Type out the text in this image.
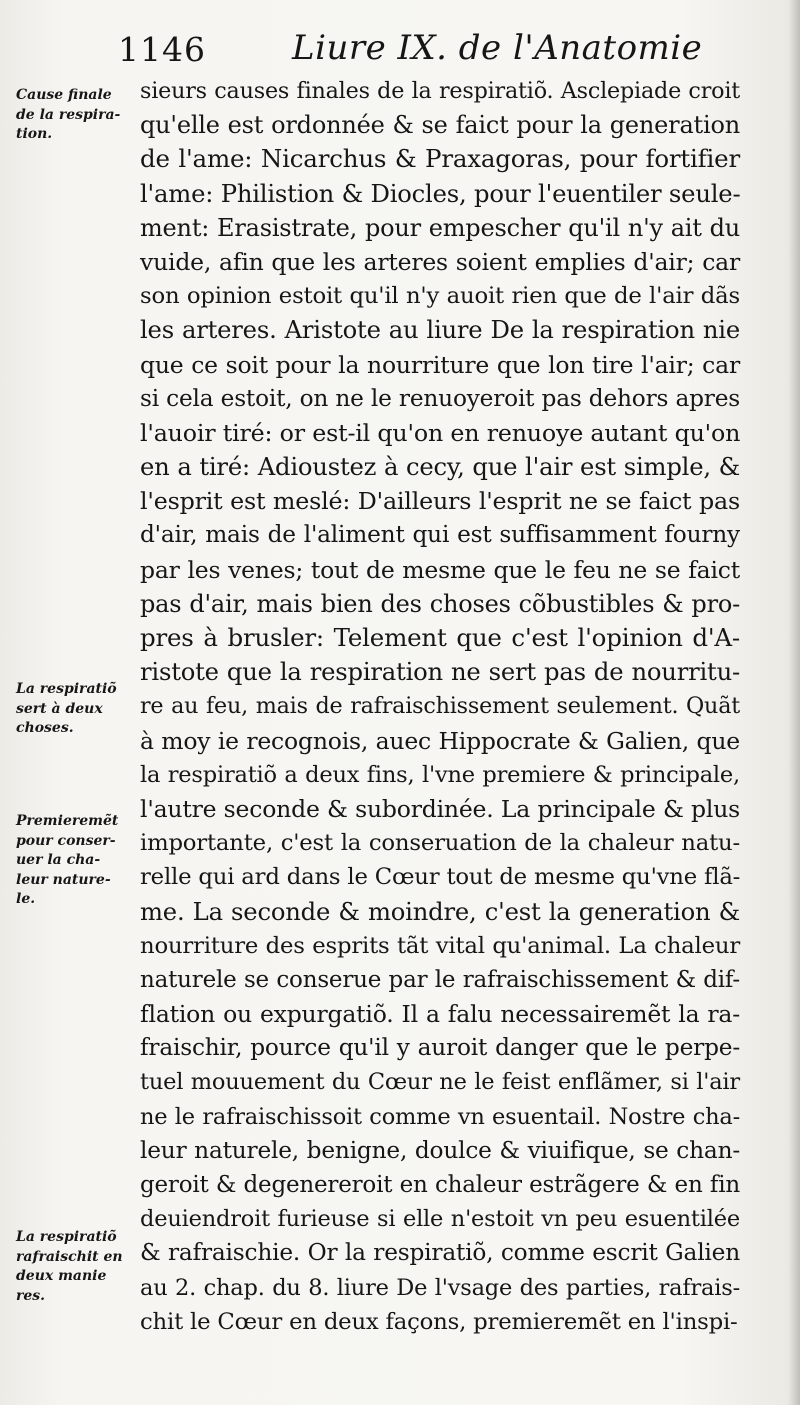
1146	Liure IX. de l'Anatomie
Cause finale
de la respira-
tion.
La respiratiõ
sert à deux
choses.
Premieremẽt
pour conser-
uer la cha-
leur nature-
le.
La respiratiõ
rafraischit en
deux manie
res.
sieurs causes finales de la respiratiõ. Asclepiade croit
qu'elle est ordonnée & se faict pour la generation
de l'ame: Nicarchus & Praxagoras, pour fortifier
l'ame: Philistion & Diocles, pour l'euentiler seule-
ment: Erasistrate, pour empescher qu'il n'y ait du
vuide, afin que les arteres soient emplies d'air; car
son opinion estoit qu'il n'y auoit rien que de l'air dãs
les arteres. Aristote au liure De la respiration nie
que ce soit pour la nourriture que lon tire l'air; car
si cela estoit, on ne le renuoyeroit pas dehors apres
l'auoir tiré: or est-il qu'on en renuoye autant qu'on
en a tiré: Adioustez à cecy, que l'air est simple, &
l'esprit est meslé: D'ailleurs l'esprit ne se faict pas
d'air, mais de l'aliment qui est suffisamment fourny
par les venes; tout de mesme que le feu ne se faict
pas d'air, mais bien des choses cõbustibles & pro-
pres à brusler: Telement que c'est l'opinion d'A-
ristote que la respiration ne sert pas de nourritu-
re au feu, mais de rafraischissement seulement. Quãt
à moy ie recognois, auec Hippocrate & Galien, que
la respiratiõ a deux fins, l'vne premiere & principale,
l'autre seconde & subordinée. La principale & plus
importante, c'est la conseruation de la chaleur natu-
relle qui ard dans le Cœur tout de mesme qu'vne flã-
me. La seconde & moindre, c'est la generation &
nourriture des esprits tãt vital qu'animal. La chaleur
naturele se conserue par le rafraischissement & dif-
flation ou expurgatiõ. Il a falu necessairemẽt la ra-
fraischir, pource qu'il y auroit danger que le perpe-
tuel mouuement du Cœur ne le feist enflãmer, si l'air
ne le rafraischissoit comme vn esuentail. Nostre cha-
leur naturele, benigne, doulce & viuifique, se chan-
geroit & degenereroit en chaleur estrãgere & en fin
deuiendroit furieuse si elle n'estoit vn peu esuentilée
& rafraischie. Or la respiratiõ, comme escrit Galien
au 2. chap. du 8. liure De l'vsage des parties, rafrais-
chit le Cœur en deux façons, premieremẽt en l'inspi-
